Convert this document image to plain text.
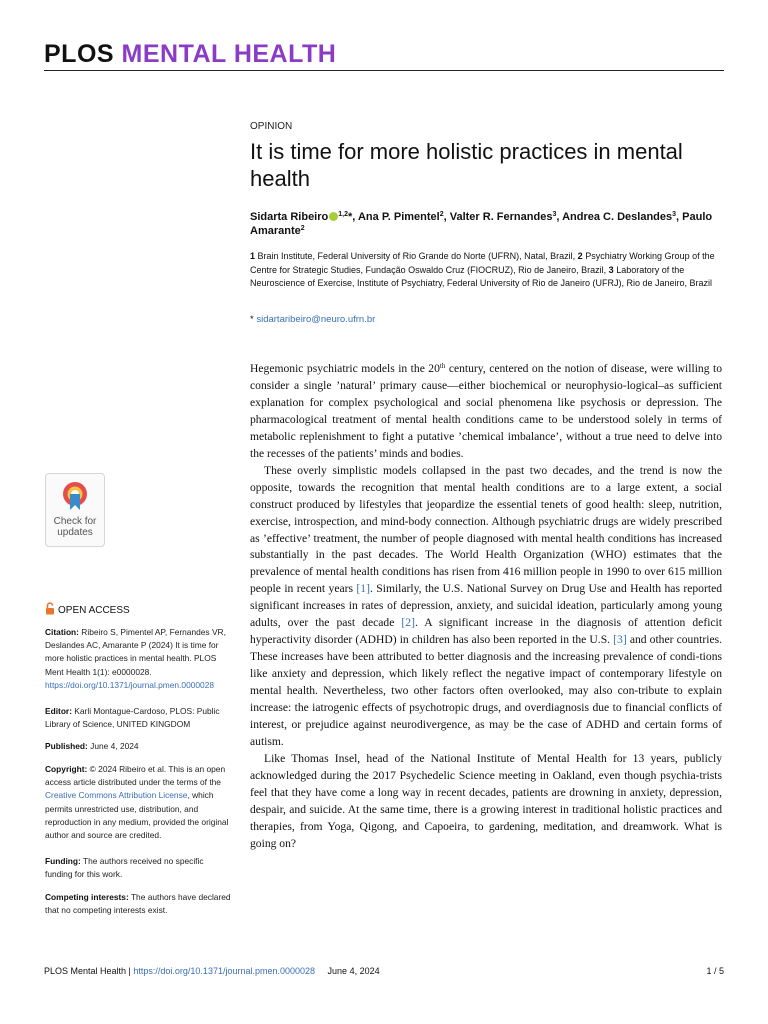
PLOS MENTAL HEALTH
OPINION
It is time for more holistic practices in mental health
Sidarta Ribeiro $^{1,2}$*, Ana P. Pimentel$^2$, Valter R. Fernandes$^3$, Andrea C. Deslandes$^3$, Paulo Amarante$^2$
1 Brain Institute, Federal University of Rio Grande do Norte (UFRN), Natal, Brazil, 2 Psychiatry Working Group of the Centre for Strategic Studies, Fundação Oswaldo Cruz (FIOCRUZ), Rio de Janeiro, Brazil, 3 Laboratory of the Neuroscience of Exercise, Institute of Psychiatry, Federal University of Rio de Janeiro (UFRJ), Rio de Janeiro, Brazil
* sidartaribeiro@neuro.ufrn.br

Hegemonic psychiatric models in the 20th century, centered on the notion of disease, were willing to consider a single ’natural’ primary cause—either biochemical or neurophysio-logical–as sufficient explanation for complex psychological and social phenomena like psychosis or depression. The pharmacological treatment of mental health conditions came to be understood solely in terms of metabolic replenishment to fight a putative ’chemical imbalance’, without a true need to delve into the recesses of the patients’ minds and bodies.

These overly simplistic models collapsed in the past two decades, and the trend is now the opposite, towards the recognition that mental health conditions are to a large extent, a social construct produced by lifestyles that jeopardize the essential tenets of good health: sleep, nutrition, exercise, introspection, and mind-body connection. Although psychiatric drugs are widely prescribed as ’effective’ treatment, the number of people diagnosed with mental health conditions has increased substantially in the past decades. The World Health Organization (WHO) estimates that the prevalence of mental health conditions has risen from 416 million people in 1990 to over 615 million people in recent years [1]. Similarly, the U.S. National Survey on Drug Use and Health has reported significant increases in rates of depression, anxiety, and suicidal ideation, particularly among young adults, over the past decade [2]. A significant increase in the diagnosis of attention deficit hyperactivity disorder (ADHD) in children has also been reported in the U.S. [3] and other countries. These increases have been attributed to better diagnosis and the increasing prevalence of condi-tions like anxiety and depression, which likely reflect the negative impact of contemporary lifestyle on mental health. Nevertheless, two other factors often overlooked, may also con-tribute to explain increase: the iatrogenic effects of psychotropic drugs, and overdiagnosis due to financial conflicts of interest, or prejudice against neurodivergence, as may be the case of ADHD and certain forms of autism.

Like Thomas Insel, head of the National Institute of Mental Health for 13 years, publicly acknowledged during the 2017 Psychedelic Science meeting in Oakland, even though psychia-trists feel that they have come a long way in recent decades, patients are drowning in anxiety, depression, despair, and suicide. At the same time, there is a growing interest in traditional holistic practices and therapies, from Yoga, Qigong, and Capoeira, to gardening, meditation, and dreamwork. What is going on?

Check for
updates
OPEN ACCESS
Citation: Ribeiro S, Pimentel AP, Fernandes VR, Deslandes AC, Amarante P (2024) It is time for more holistic practices in mental health. PLOS Ment Health 1(1): e0000028. https://doi.org/10.1371/journal.pmen.0000028
Editor: Karli Montague-Cardoso, PLOS: Public Library of Science, UNITED KINGDOM
Published: June 4, 2024
Copyright: © 2024 Ribeiro et al. This is an open access article distributed under the terms of the Creative Commons Attribution License, which permits unrestricted use, distribution, and reproduction in any medium, provided the original author and source are credited.
Funding: The authors received no specific funding for this work.
Competing interests: The authors have declared that no competing interests exist.
PLOS Mental Health | https://doi.org/10.1371/journal.pmen.0000028 June 4, 2024	1 / 5
